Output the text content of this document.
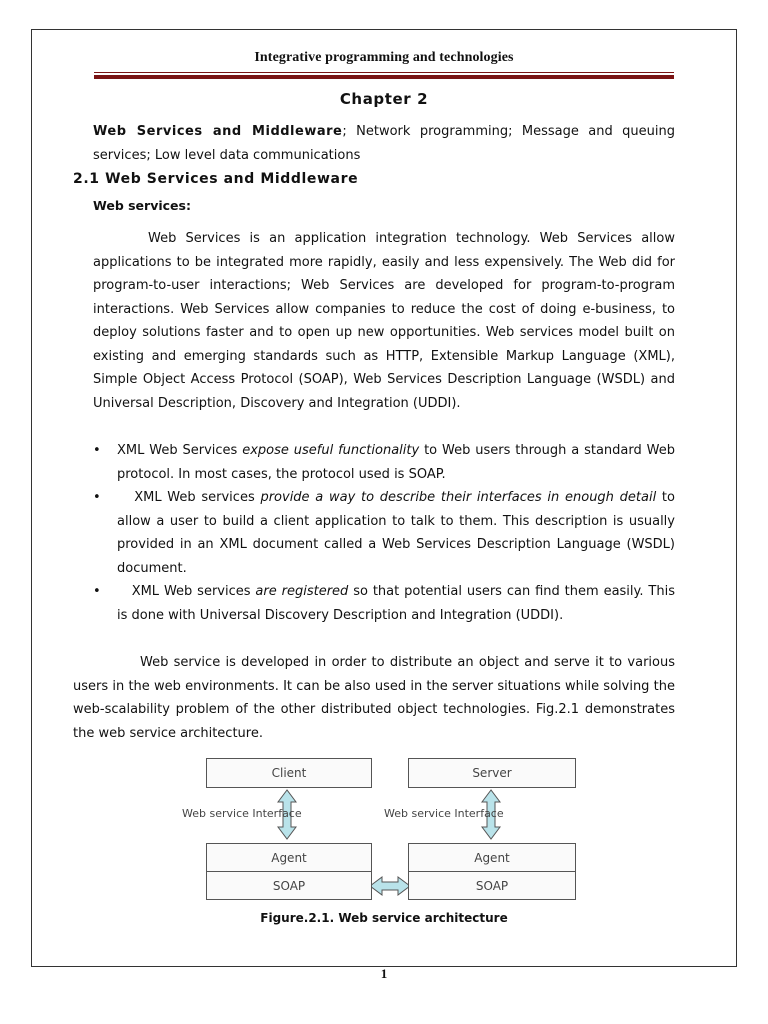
Integrative programming and technologies
Chapter 2
Web Services and Middleware; Network programming; Message and queuing services; Low level data communications
2.1 Web Services and Middleware
Web services:
Web Services is an application integration technology. Web Services allow applications to be integrated more rapidly, easily and less expensively. The Web did for program-to-user interactions; Web Services are developed for program-to-program interactions. Web Services allow companies to reduce the cost of doing e-business, to deploy solutions faster and to open up new opportunities. Web services model built on existing and emerging standards such as HTTP, Extensible Markup Language (XML), Simple Object Access Protocol (SOAP), Web Services Description Language (WSDL) and Universal Description, Discovery and Integration (UDDI).
• XML Web Services expose useful functionality to Web users through a standard Web protocol. In most cases, the protocol used is SOAP.
•	XML Web services provide a way to describe their interfaces in enough detail to allow a user to build a client application to talk to them. This description is usually provided in an XML document called a Web Services Description Language (WSDL) document.
•	XML Web services are registered so that potential users can find them easily. This is done with Universal Discovery Description and Integration (UDDI).
Web service is developed in order to distribute an object and serve it to various users in the web environments. It can be also used in the server situations while solving the web-scalability problem of the other distributed object technologies. Fig.2.1 demonstrates the web service architecture.
Client	Server
Web service Interface	Web service Interface
Agent
SOAP
Agent
SOAP
Figure.2.1. Web service architecture
1
